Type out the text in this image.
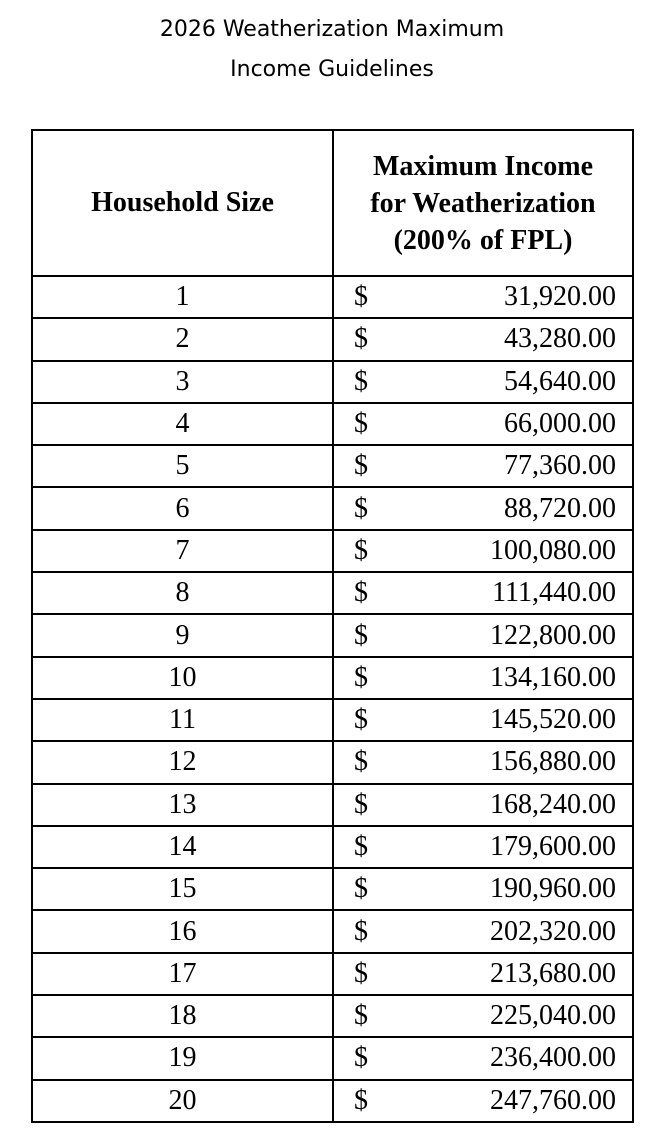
2026 Weatherization Maximum
Income Guidelines
Household Size	Maximum Income
for Weatherization
(200% of FPL)

1	$ 31,920.00

2	$ 43,280.00

3	$ 54,640.00

4	$ 66,000.00

5	$ 77,360.00

6	$ 88,720.00

7	$ 100,080.00

8	$ 111,440.00

9	$ 122,800.00

10	$ 134,160.00

11	$ 145,520.00

12	$ 156,880.00

13	$ 168,240.00

14	$ 179,600.00

15	$ 190,960.00

16	$ 202,320.00

17	$ 213,680.00

18	$ 225,040.00

19	$ 236,400.00

20	$ 247,760.00
